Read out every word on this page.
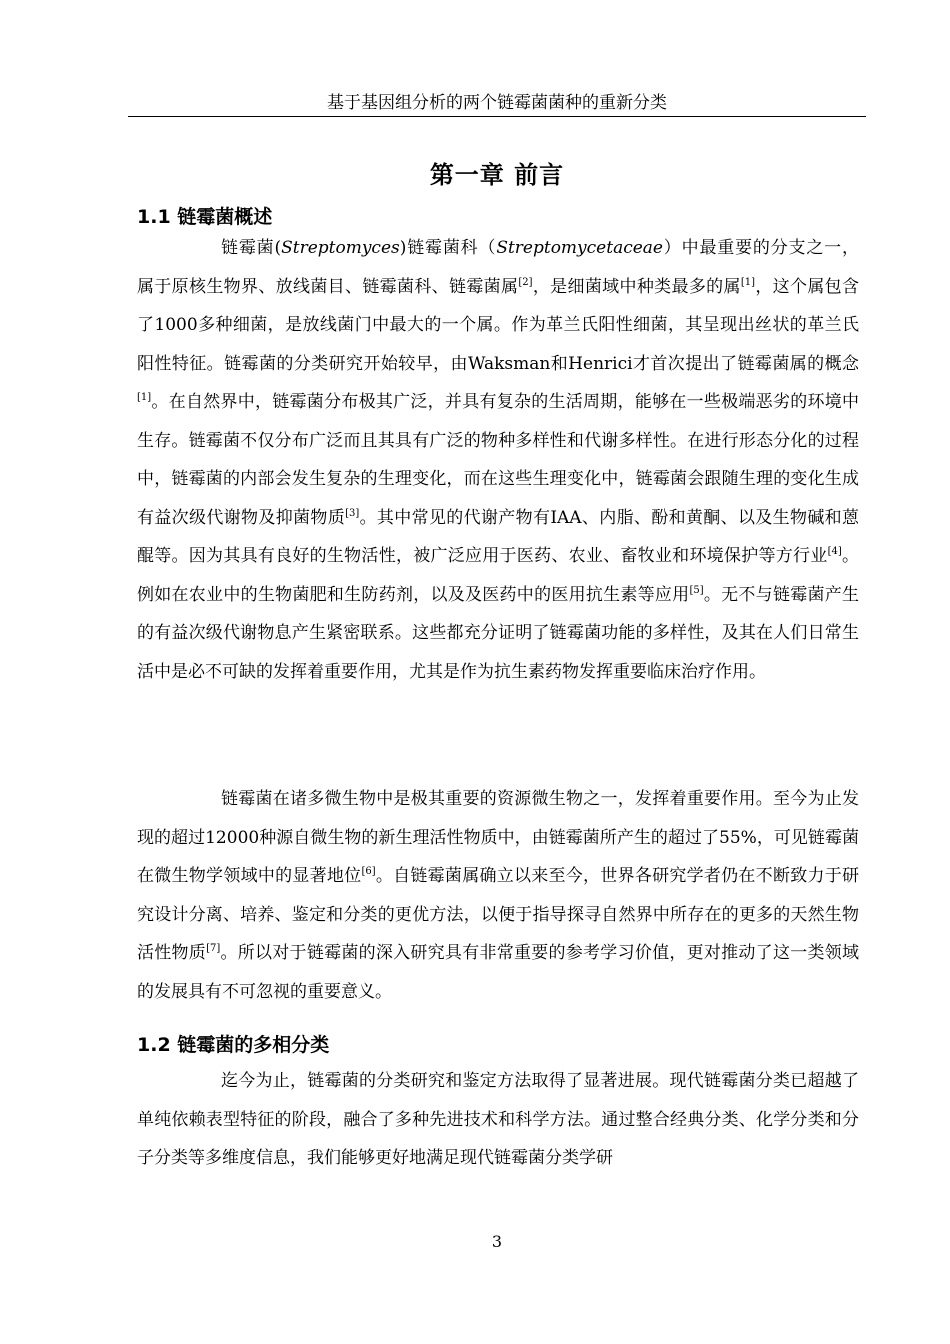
基于基因组分析的两个链霉菌菌种的重新分类
第一章 前言
1.1 链霉菌概述

链霉菌(Streptomyces)链霉菌科（Streptomycetaceae）中最重要的分支之一，属于原核生物界、放线菌目、链霉菌科、链霉菌属[2]，是细菌域中种类最多的属[1]，这个属包含了1000多种细菌，是放线菌门中最大的一个属。作为革兰氏阳性细菌，其呈现出丝状的革兰氏阳性特征。链霉菌的分类研究开始较早，由Waksman和Henrici才首次提出了链霉菌属的概念[1]。在自然界中，链霉菌分布极其广泛，并具有复杂的生活周期，能够在一些极端恶劣的环境中生存。链霉菌不仅分布广泛而且其具有广泛的物种多样性和代谢多样性。在进行形态分化的过程中，链霉菌的内部会发生复杂的生理变化，而在这些生理变化中，链霉菌会跟随生理的变化生成有益次级代谢物及抑菌物质[3]。其中常见的代谢产物有IAA、内脂、酚和黄酮、以及生物碱和蒽醌等。因为其具有良好的生物活性，被广泛应用于医药、农业、畜牧业和环境保护等方行业[4]。例如在农业中的生物菌肥和生防药剂，以及及医药中的医用抗生素等应用[5]。无不与链霉菌产生的有益次级代谢物息产生紧密联系。这些都充分证明了链霉菌功能的多样性，及其在人们日常生活中是必不可缺的发挥着重要作用，尤其是作为抗生素药物发挥重要临床治疗作用。

链霉菌在诸多微生物中是极其重要的资源微生物之一，发挥着重要作用。至今为止发现的超过12000种源自微生物的新生理活性物质中，由链霉菌所产生的超过了55%，可见链霉菌在微生物学领域中的显著地位[6]。自链霉菌属确立以来至今，世界各研究学者仍在不断致力于研究设计分离、培养、鉴定和分类的更优方法，以便于指导探寻自然界中所存在的更多的天然生物活性物质[7]。所以对于链霉菌的深入研究具有非常重要的参考学习价值，更对推动了这一类领域的发展具有不可忽视的重要意义。

1.2 链霉菌的多相分类

迄今为止，链霉菌的分类研究和鉴定方法取得了显著进展。现代链霉菌分类已超越了单纯依赖表型特征的阶段，融合了多种先进技术和科学方法。通过整合经典分类、化学分类和分子分类等多维度信息，我们能够更好地满足现代链霉菌分类学研

3
